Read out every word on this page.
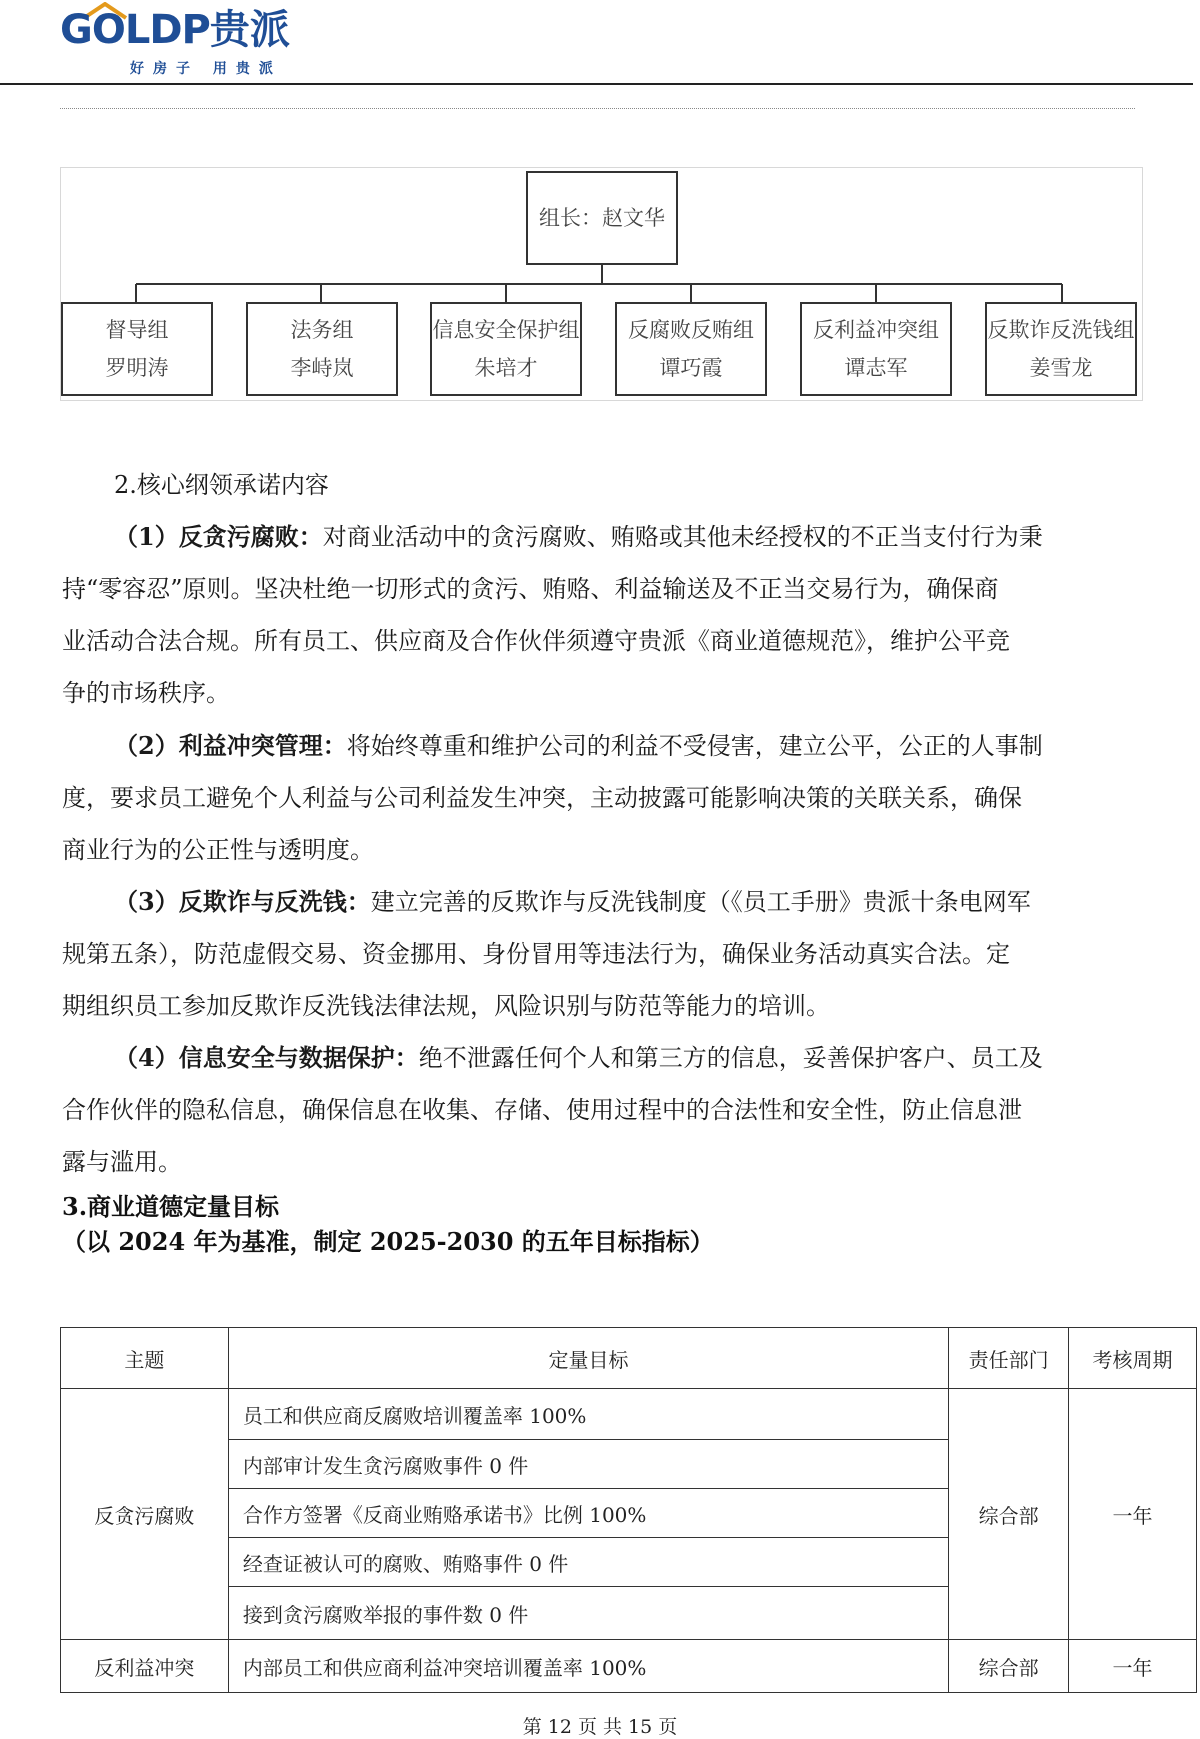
GOLDP贵派
好房子 用贵派
组长：赵文华
督导组
罗明涛
法务组
李峙岚
信息安全保护组
朱培才
反腐败反贿组
谭巧霞
反利益冲突组
谭志军
反欺诈反洗钱组
姜雪龙
2.核心纲领承诺内容
（1）反贪污腐败：对商业活动中的贪污腐败、贿赂或其他未经授权的不正当支付行为秉
持“零容忍”原则。坚决杜绝一切形式的贪污、贿赂、利益输送及不正当交易行为，确保商
业活动合法合规。所有员工、供应商及合作伙伴须遵守贵派《商业道德规范》，维护公平竞
争的市场秩序。
（2）利益冲突管理：将始终尊重和维护公司的利益不受侵害，建立公平，公正的人事制
度，要求员工避免个人利益与公司利益发生冲突，主动披露可能影响决策的关联关系，确保
商业行为的公正性与透明度。
（3）反欺诈与反洗钱：建立完善的反欺诈与反洗钱制度（《员工手册》贵派十条电网军
规第五条），防范虚假交易、资金挪用、身份冒用等违法行为，确保业务活动真实合法。定
期组织员工参加反欺诈反洗钱法律法规，风险识别与防范等能力的培训。
（4）信息安全与数据保护：绝不泄露任何个人和第三方的信息，妥善保护客户、员工及
合作伙伴的隐私信息，确保信息在收集、存储、使用过程中的合法性和安全性，防止信息泄
露与滥用。
3.商业道德定量目标
（以 2024 年为基准，制定 2025-2030 的五年目标指标）
主题	定量目标	责任部门	考核周期
反贪污腐败	员工和供应商反腐败培训覆盖率 100%	综合部	一年
	内部审计发生贪污腐败事件 0 件		
	合作方签署《反商业贿赂承诺书》比例 100%		
	经查证被认可的腐败、贿赂事件 0 件		
	接到贪污腐败举报的事件数 0 件		
反利益冲突	内部员工和供应商利益冲突培训覆盖率 100%	综合部	一年
第 12 页 共 15 页
